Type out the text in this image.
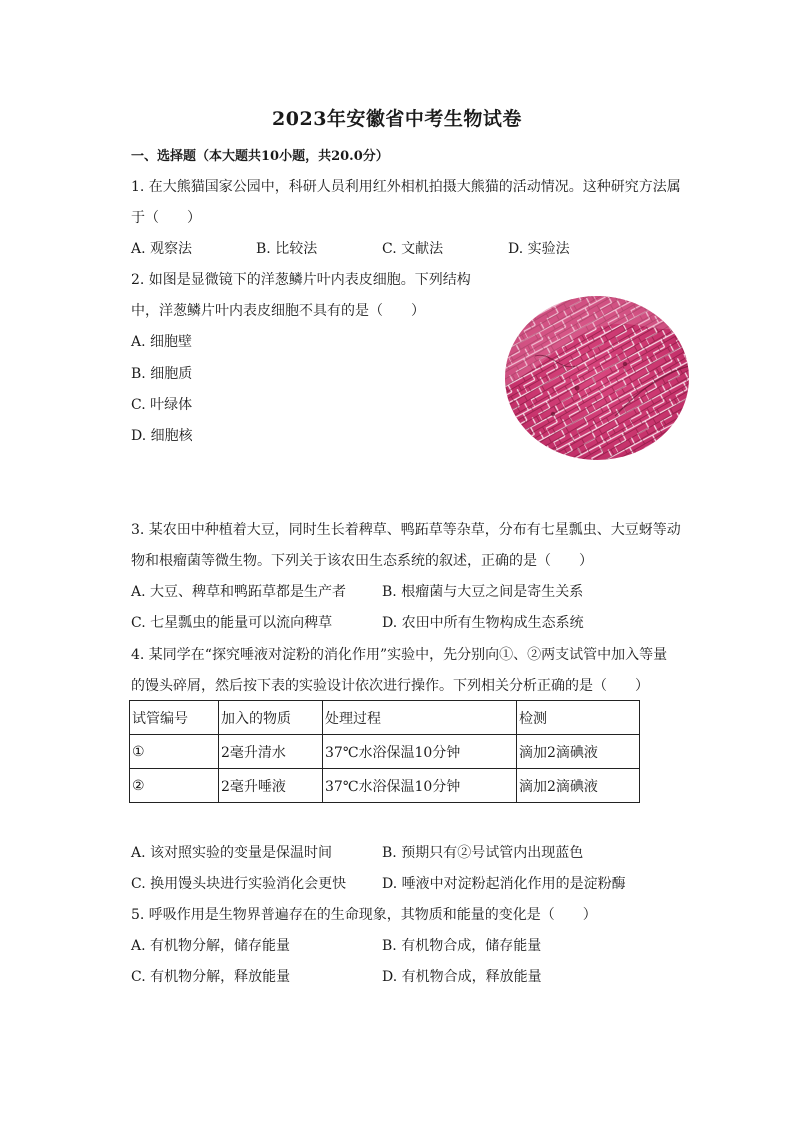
2023年安徽省中考生物试卷
一、选择题（本大题共10小题，共20.0分）
1. 在大熊猫国家公园中，科研人员利用红外相机拍摄大熊猫的活动情况。这种研究方法属
于（　　）
A. 观察法	B. 比较法	C. 文献法	D. 实验法
2. 如图是显微镜下的洋葱鳞片叶内表皮细胞。下列结构
中，洋葱鳞片叶内表皮细胞不具有的是（　　）
A. 细胞壁
B. 细胞质
C. 叶绿体
D. 细胞核
3. 某农田中种植着大豆，同时生长着稗草、鸭跖草等杂草，分布有七星瓢虫、大豆蚜等动
物和根瘤菌等微生物。下列关于该农田生态系统的叙述，正确的是（　　）
A. 大豆、稗草和鸭跖草都是生产者	B. 根瘤菌与大豆之间是寄生关系
C. 七星瓢虫的能量可以流向稗草	D. 农田中所有生物构成生态系统
4. 某同学在“探究唾液对淀粉的消化作用”实验中，先分别向①、②两支试管中加入等量
的馒头碎屑，然后按下表的实验设计依次进行操作。下列相关分析正确的是（　　）
试管编号	加入的物质	处理过程	检测
①	2毫升清水	37℃水浴保温10分钟	滴加2滴碘液
②	2毫升唾液	37℃水浴保温10分钟	滴加2滴碘液
A. 该对照实验的变量是保温时间	B. 预期只有②号试管内出现蓝色
C. 换用馒头块进行实验消化会更快	D. 唾液中对淀粉起消化作用的是淀粉酶
5. 呼吸作用是生物界普遍存在的生命现象，其物质和能量的变化是（　　）
A. 有机物分解，储存能量	B. 有机物合成，储存能量
C. 有机物分解，释放能量	D. 有机物合成，释放能量
